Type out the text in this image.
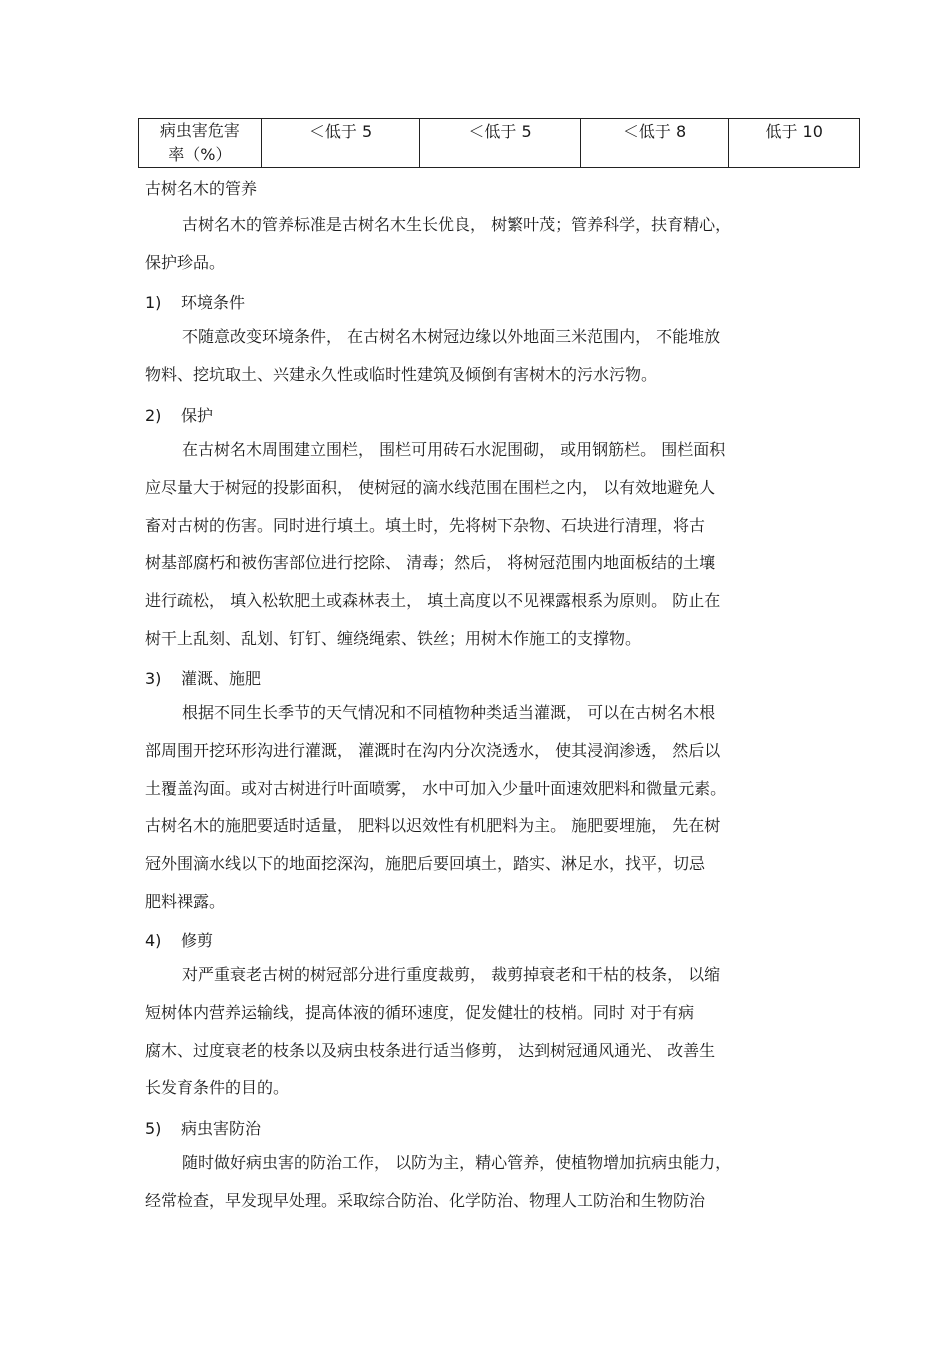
病虫害危害
率（%）	＜低于 5	＜低于 5	＜低于 8	低于 10
古树名木的管养
古树名木的管养标准是古树名木生长优良， 树繁叶茂；管养科学，扶育精心，
保护珍品。
1) 环境条件
不随意改变环境条件， 在古树名木树冠边缘以外地面三米范围内， 不能堆放
物料、挖坑取土、兴建永久性或临时性建筑及倾倒有害树木的污水污物。
2) 保护
在古树名木周围建立围栏， 围栏可用砖石水泥围砌， 或用钢筋栏。 围栏面积
应尽量大于树冠的投影面积， 使树冠的滴水线范围在围栏之内， 以有效地避免人
畜对古树的伤害。同时进行填土。填土时，先将树下杂物、石块进行清理，将古
树基部腐朽和被伤害部位进行挖除、 清毒；然后， 将树冠范围内地面板结的土壤
进行疏松， 填入松软肥土或森林表土， 填土高度以不见裸露根系为原则。 防止在
树干上乱刻、乱划、钉钉、缠绕绳索、铁丝；用树木作施工的支撑物。
3) 灌溉、施肥
根据不同生长季节的天气情况和不同植物种类适当灌溉， 可以在古树名木根
部周围开挖环形沟进行灌溉， 灌溉时在沟内分次浇透水， 使其浸润渗透， 然后以
土覆盖沟面。或对古树进行叶面喷雾， 水中可加入少量叶面速效肥料和微量元素。
古树名木的施肥要适时适量， 肥料以迟效性有机肥料为主。 施肥要埋施， 先在树
冠外围滴水线以下的地面挖深沟，施肥后要回填土，踏实、淋足水，找平，切忌
肥料裸露。
4) 修剪
对严重衰老古树的树冠部分进行重度裁剪， 裁剪掉衰老和干枯的枝条， 以缩
短树体内营养运输线，提高体液的循环速度，促发健壮的枝梢。同时 对于有病
腐木、过度衰老的枝条以及病虫枝条进行适当修剪， 达到树冠通风通光、 改善生
长发育条件的目的。
5) 病虫害防治
随时做好病虫害的防治工作， 以防为主，精心管养，使植物增加抗病虫能力，
经常检查，早发现早处理。采取综合防治、化学防治、物理人工防治和生物防治
